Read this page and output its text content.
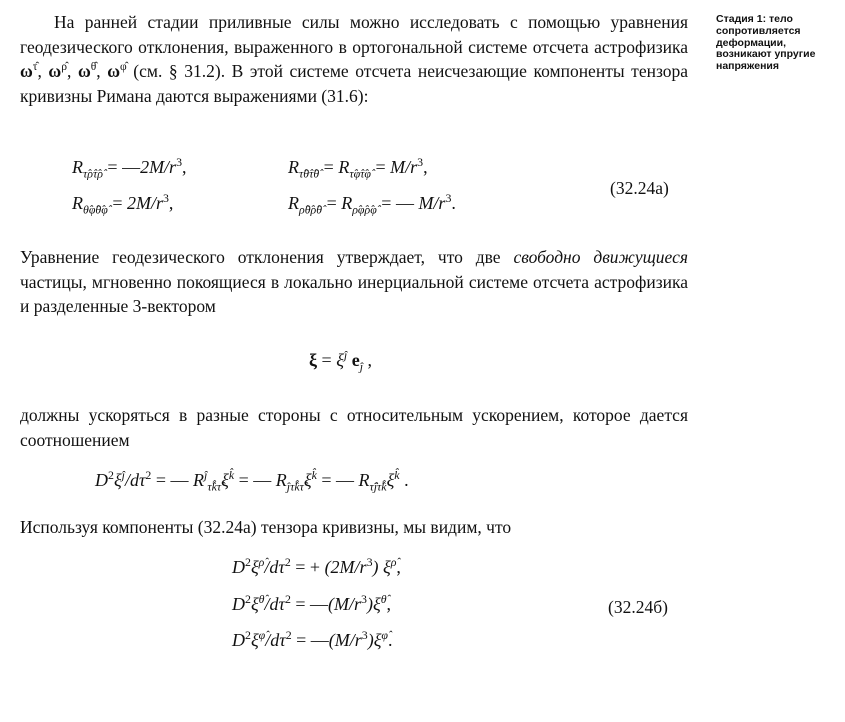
Стадия 1: тело сопротивляется деформации, возникают упругие напряжения
На ранней стадии приливные силы можно исследовать с помощью уравнения геодезического отклонения, выраженного в ортогональной системе отсчета астрофизика $\omega^{\taû}$, $\omega^{\rhô}$, $\omega^{\thetâ}$, $\omega^{\varphî}$ (см. § 31.2). В этой системе отсчета неисчезающие компоненты тензора кривизны Римана даются выражениями (31.6):
$R_{\taû\rhô\taû\rhô}$ = $—2M/r^3$,	$R_{\taû\thetâ\taû\thetâ} = R_{\taû\varphî\taû\varphî} = M/r^3$,
$R_{\thetâ\varphî\thetâ\varphî} = 2M/r^3$,	$R_{\rhô\thetâ\rhô\thetâ} = R_{\rhô\varphî\rhô\varphî}$ = — $M/r^3$.
(32.24а)
Уравнение геодезического отклонения утверждает, что две свободно движущиеся частицы, мгновенно покоящиеся в локально инерциальной системе отсчета астрофизика и разделенные 3-вектором
$\xi = \xi^ĵ$ $e_ĵ$ ,
должны ускоряться в разные стороны с относительным ускорением, которое дается соотношением
$D^2\xi^ĵ/d\tau^2$ = — $R^ĵ_{\taûk̂\taû}\xi^{k̂}$ = — $R_{ĵ\taûk̂\taû}\xi^{k̂}$ = — $R_{\taûĵ\taûk̂}\xi^{k̂}$ .
Используя компоненты (32.24а) тензора кривизны, мы видим, что
$D^2\xi^{\rhô}/d\tau^2$ = + $(2M/r^3)$ $\xi^{\rhô}$,
$D^2\xi^{\thetâ}/d\tau^2$ = $—(M/r^3)\xi^{\thetâ}$,
$D^2\xi^{\varphî}/d\tau^2$ = $—(M/r^3)\xi^{\varphî}$.
(32.24б)
